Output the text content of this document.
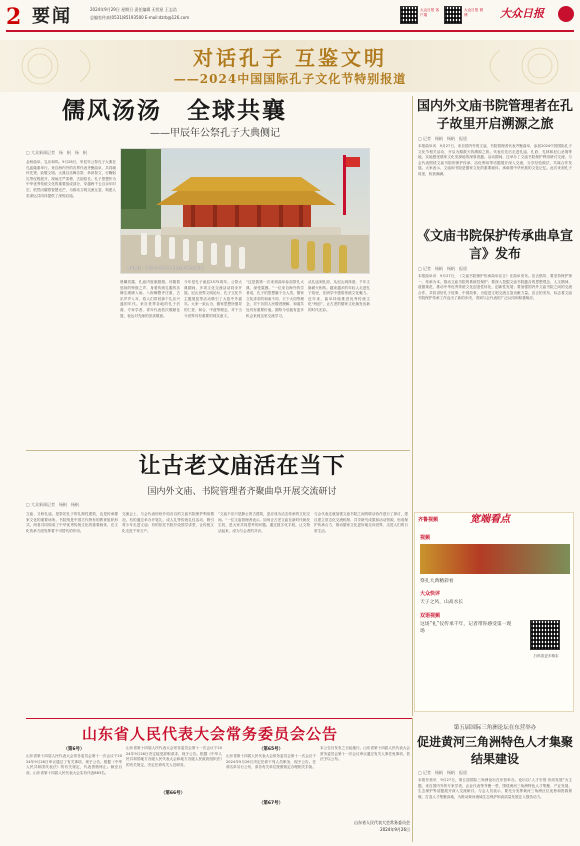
2 要闻	2024年9月29日 星期日 责任编辑 无忧星 王志浩
总编室传真(0531)85193500 E-mail:dzrb@126.com
大众日报 客户端
大众日报 微博	大众日报
对话孔子 互鉴文明
——2024中国国际孔子文化节特别报道
儒风汤汤　全球共襄
——甲辰年公祭孔子大典侧记
9月28日，甲辰年公祭孔子大典在曲阜孔庙举行。
□ 大众新闻记者　杨　帆　杨　帆
金秋曲阜，礼乐和鸣。9月28日，甲辰年公祭孔子大典在孔庙隆重举行。来自海内外的各界代表齐聚曲阜，共同缅怀先贤，致敬文明。大典以乐舞告祭、恭读祭文、行鞠躬礼等仪程展开，现场庄严肃穆，古韵悠长。孔子思想作为中华优秀传统文化的重要组成部分，穿越两千五百余年时空，依然闪耀着智慧光芒，为推动文明交流互鉴、构建人类命运共同体提供了深刻启迪。
晨曦初露，孔庙内旌旗猎猎。伴随着悠扬的钟鼓之声，身着传统礼服的乐舞生缓缓入场。八佾舞整齐庄重，古乐声声入耳，将人们带回那个礼乐兴盛的年代。来自世界各地的孔子后裔、专家学者、青年代表依次敬献花篮，表达对先师的崇高敬意。
今年是孔子诞辰2575周年。公祭大典期间，多项文化交流活动同步开展。尼山世界文明论坛、孔子文化节主题展览等活动吸引了大批中外嘉宾。大家一致认为，儒家思想所倡导的仁爱、和合、中道等理念，对于当今世界具有重要的现实意义。
“这是我第一次来到曲阜参加祭孔大典，深受震撼。”一位来自海外的学者说，孔子的思想属于全人类，儒家文化讲求的和而不同、天下大同等理念，对于各国人民增进理解、和谐共处具有重要价值。期待今后能有更多机会来到这里交流学习。
从孔庙到孔府，从尼山到洙泗，千年文脉薪火相传。越来越多的年轻人走进孔子故里，在研学中感悟传统文化魅力。近年来，曲阜持续推进优秀传统文化“两创”，让古老的儒家文化焕发出新的时代光彩。
国内外文庙书院管理者在孔子故里开启溯源之旅
□ 记者　杨帆　杨帆　报道
本报曲阜讯　9月27日，来自国内外的文庙、书院管理者代表齐聚曲阜，参加2024中国国际孔子文化节相关活动，开启为期数天的溯源之旅。代表们先后走进孔庙、孔府、孔林和尼山圣境等地，实地感受儒家文化发源地的深厚底蕴。活动期间，还举办了文庙书院保护利用研讨交流，与会代表围绕文庙书院的保护传承、活化利用等话题展开深入交流，分享经验做法，共谋合作发展。大家表示，文庙和书院是儒家文化的重要载体，承载着中华民族的文化记忆。此次来到孔子故里，收获满满。
《文庙书院保护传承曲阜宣言》发布
□ 记者　杨帆　杨帆　报道
本报曲阜讯　9月27日，《文庙书院保护传承曲阜宣言》在曲阜发布。宣言倡导，要坚持保护第一、传承为本，推动文庙书院的系统性保护；要深入挖掘文庙书院蕴含的思想观念、人文精神、道德规范，推动中华优秀传统文化创造性转化、创新性发展；要加强国内外文庙书院之间的交流合作，共同讲好孔子故事、中国故事，为促进文明交流互鉴贡献力量。宣言的发布，标志着文庙书院保护传承工作迈出了新的步伐，得到与会代表的广泛认同和积极响应。
让古老文庙活在当下
国内外文庙、书院管理者齐聚曲阜开展交流研讨
□ 大众新闻记者　杨帆　杨帆
文庙、又称孔庙，是祭祀孔子的礼制性建筑，也是传承儒家文化的重要场所。书院则是中国古代特有的教育组织形式。两者共同构成了中华优秀传统文化的重要载体，在文化传承方面发挥着不可替代的作用。
交流会上，与会代表纷纷介绍各自的文庙书院保护利用情况。有的通过举办开笔礼、成人礼等传统礼仪活动，吸引青少年走进文庙；有的依托书院开设国学讲堂，让传统文化走进千家万户。
“文庙不应只是静止的古建筑，更应成为活态传承的文化空间。”一位文庙管理者表示。如何让古老文庙在新时代焕发生机，是大家共同思考的问题。通过数字化手段，让文物活起来，成为与会者的共识。
与会代表还就加强文庙书院之间的联动协作进行了探讨，建议建立常态化交流机制，共享研究成果和活动资源，形成保护传承合力，推动儒家文化更好地走向世界、走进人们的日常生活。
齐鲁视频	宽端看点
视频
祭孔大典精彩看
大众快评
天子之风，山高水长
双语视频
这场“礼”仪传承千年，记者带你感受第一现场
扫码看更多精彩
山东省人民代表大会常务委员会公告
（第6号）
山东省第十四届人民代表大会常务委员会第十一次会议于2024年9月26日审议通过了有关事项，现予公告。根据《中华人民共和国代表法》的有关规定，代表资格终止。截至目前，山东省第十四届人民代表大会实有代表883名。
山东省第十四届人民代表大会常务委员会第十一次会议于2024年9月26日决定接受辞职请求，现予公告。根据《中华人民共和国地方各级人民代表大会和地方各级人民政府组织法》的有关规定，决定任命有关人员职务。
（第65号）
山东省第十四届人民代表大会常务委员会第十一次会议于2024年9月26日决定任命下列人员职务，现予公告。任命名单另行公布，请各有关单位按照规定办理相关手续。
本公告自发布之日起施行。山东省第十四届人民代表大会常务委员会第十一次会议审议通过有关人事任免事项，依法予以公布。
山东省人民代表大会常务委员会
2024年9月26日
（第66号）
（第67号）
第五届国际三角洲论坛在东营举办
促进黄河三角洲特色人才集聚结果建设
□ 记者　杨帆　杨帆　报道
本报东营讯　9月27日，第五届国际三角洲论坛在东营举办。论坛以“人才引领 协同发展”为主题，来自国内外的专家学者、企业代表等齐聚一堂，围绕黄河三角洲特色人才集聚、产业发展、生态保护等话题展开深入交流研讨。与会人员表示，要充分发挥黄河三角洲区位优势和资源禀赋，打造人才集聚高地，为推动黄河流域生态保护和高质量发展注入强劲动力。
